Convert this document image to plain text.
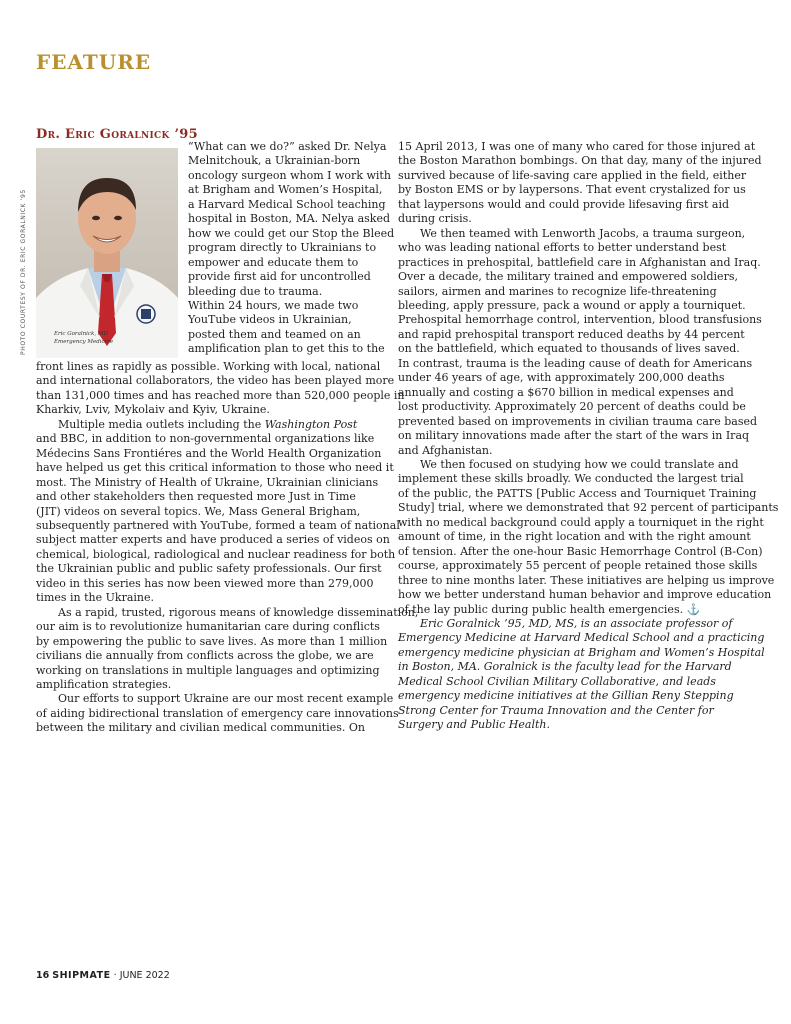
FEATURE
PHOTO COURTESY OF DR. ERIC GORALNICK ’95
Dr. Eric Goralnick ’95
Eric Goralnick, MD
Emergency Medicine
“What can we do?” asked Dr. Nelya
Melnitchouk, a Ukrainian-born
oncology surgeon whom I work with
at Brigham and Women’s Hospital,
a Harvard Medical School teaching
hospital in Boston, MA. Nelya asked
how we could get our Stop the Bleed
program directly to Ukrainians to
empower and educate them to
provide first aid for uncontrolled
bleeding due to trauma.
Within 24 hours, we made two
YouTube videos in Ukrainian,
posted them and teamed on an
amplification plan to get this to the
front lines as rapidly as possible. Working with local, national
and international collaborators, the video has been played more
than 131,000 times and has reached more than 520,000 people in
Kharkiv, Lviv, Mykolaiv and Kyiv, Ukraine.
Multiple media outlets including the Washington Post
and BBC, in addition to non-governmental organizations like
Médecins Sans Frontiéres and the World Health Organization
have helped us get this critical information to those who need it
most. The Ministry of Health of Ukraine, Ukrainian clinicians
and other stakeholders then requested more Just in Time
(JIT) videos on several topics. We, Mass General Brigham,
subsequently partnered with YouTube, formed a team of national
subject matter experts and have produced a series of videos on
chemical, biological, radiological and nuclear readiness for both
the Ukrainian public and public safety professionals. Our first
video in this series has now been viewed more than 279,000
times in the Ukraine.
As a rapid, trusted, rigorous means of knowledge dissemination,
our aim is to revolutionize humanitarian care during conflicts
by empowering the public to save lives. As more than 1 million
civilians die annually from conflicts across the globe, we are
working on translations in multiple languages and optimizing
amplification strategies.
Our efforts to support Ukraine are our most recent example
of aiding bidirectional translation of emergency care innovations
between the military and civilian medical communities. On
15 April 2013, I was one of many who cared for those injured at
the Boston Marathon bombings. On that day, many of the injured
survived because of life-saving care applied in the field, either
by Boston EMS or by laypersons. That event crystalized for us
that laypersons would and could provide lifesaving first aid
during crisis.
We then teamed with Lenworth Jacobs, a trauma surgeon,
who was leading national efforts to better understand best
practices in prehospital, battlefield care in Afghanistan and Iraq.
Over a decade, the military trained and empowered soldiers,
sailors, airmen and marines to recognize life-threatening
bleeding, apply pressure, pack a wound or apply a tourniquet.
Prehospital hemorrhage control, intervention, blood transfusions
and rapid prehospital transport reduced deaths by 44 percent
on the battlefield, which equated to thousands of lives saved.
In contrast, trauma is the leading cause of death for Americans
under 46 years of age, with approximately 200,000 deaths
annually and costing a $670 billion in medical expenses and
lost productivity. Approximately 20 percent of deaths could be
prevented based on improvements in civilian trauma care based
on military innovations made after the start of the wars in Iraq
and Afghanistan.
We then focused on studying how we could translate and
implement these skills broadly. We conducted the largest trial
of the public, the PATTS [Public Access and Tourniquet Training
Study] trial, where we demonstrated that 92 percent of participants
with no medical background could apply a tourniquet in the right
amount of time, in the right location and with the right amount
of tension. After the one-hour Basic Hemorrhage Control (B-Con)
course, approximately 55 percent of people retained those skills
three to nine months later. These initiatives are helping us improve
how we better understand human behavior and improve education
of the lay public during public health emergencies. ⚓
Eric Goralnick ’95, MD, MS, is an associate professor of
Emergency Medicine at Harvard Medical School and a practicing
emergency medicine physician at Brigham and Women’s Hospital
in Boston, MA. Goralnick is the faculty lead for the Harvard
Medical School Civilian Military Collaborative, and leads
emergency medicine initiatives at the Gillian Reny Stepping
Strong Center for Trauma Innovation and the Center for
Surgery and Public Health.
16 SHIPMATE · JUNE 2022
